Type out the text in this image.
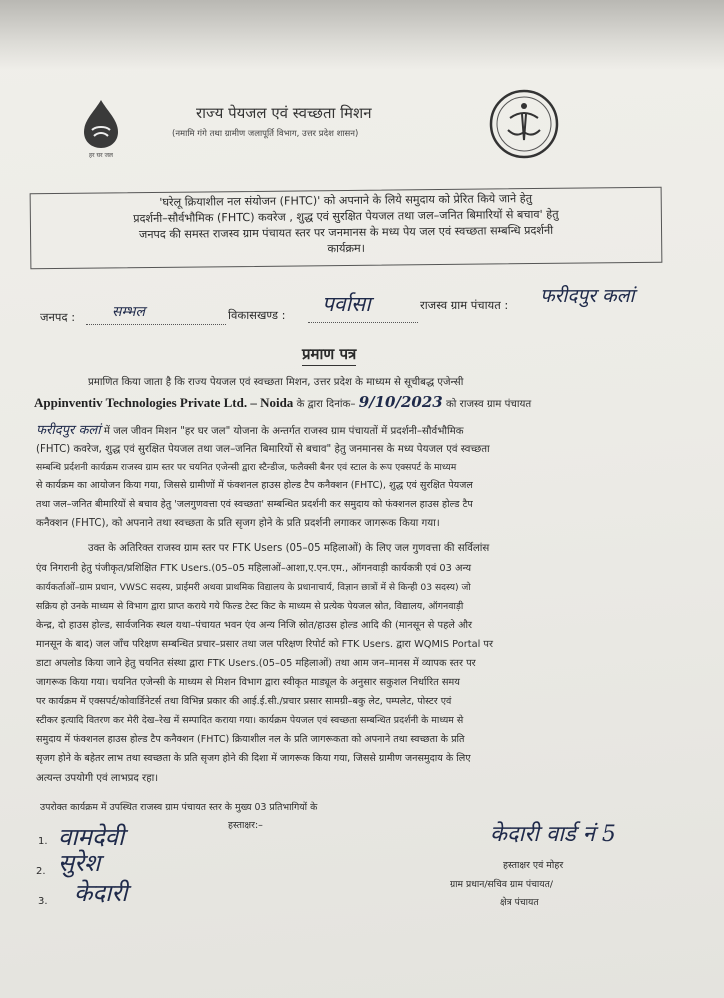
हर घर जल
राज्य पेयजल एवं स्वच्छता मिशन
(नमामि गंगे तथा ग्रामीण जलापूर्ति विभाग, उत्तर प्रदेश शासन)
'घरेलू क्रियाशील नल संयोजन (FHTC)' को अपनाने के लिये समुदाय को प्रेरित किये जाने हेतु
प्रदर्शनी–सौर्वभौमिक (FHTC) कवरेज , शुद्ध एवं सुरक्षित पेयजल तथा जल–जनित बिमारियों से बचाव' हेतु
जनपद की समस्त राजस्व ग्राम पंचायत स्तर पर जनमानस के मध्य पेय जल एवं स्वच्छता सम्बन्धि प्रदर्शनी
कार्यक्रम।
जनपद :	सम्भल	विकासखण्ड : पर्वासा	राजस्व ग्राम पंचायत : फरीदपुर कलां
प्रमाण पत्र
प्रमाणित किया जाता है कि राज्य पेयजल एवं स्वच्छता मिशन, उत्तर प्रदेश के माध्यम से सूचीबद्ध एजेन्सी
Appinventiv Technologies Private Ltd. – Noida के द्वारा दिनांक– 9/10/2023 को राजस्व ग्राम पंचायत
फरीदपुर कलां में जल जीवन मिशन "हर घर जल" योजना के अन्तर्गत राजस्व ग्राम पंचायतों में प्रदर्शनी–सौर्वभौमिक
(FHTC) कवरेज, शुद्ध एवं सुरक्षित पेयजल तथा जल–जनित बिमारियों से बचाव" हेतु जनमानस के मध्य पेयजल एवं स्वच्छता
सम्बन्धि प्रर्दशनी कार्यक्रम राजस्व ग्राम स्तर पर चयनित एजेन्सी द्वारा स्टैन्डीज, फलैक्सी बैनर एवं स्टाल के रूप एक्सपर्ट के माध्यम
से कार्यक्रम का आयोजन किया गया, जिससे ग्रामीणों में फंक्शनल हाउस होल्ड टैप कनैक्शन (FHTC), शुद्ध एवं सुरक्षित पेयजल
तथा जल–जनित बीमारियों से बचाव हेतु 'जलगुणवत्ता एवं स्वच्छता' सम्बन्धित प्रदर्शनी कर समुदाय को फंक्शनल हाउस होल्ड टैप
कनैक्शन (FHTC), को अपनाने तथा स्वच्छता के प्रति सृजग होने के प्रति प्रदर्शनी लगाकर जागरूक किया गया।
उक्त के अतिरिक्त राजस्व ग्राम स्तर पर FTK Users (05–05 महिलाओं) के लिए जल गुणवत्ता की सर्विलांस
एंव निगरानी हेतु पंजीकृत/प्रशिक्षित FTK Users.(05–05 महिलाओं–आशा,ए.एन.एम., ऑगनवाड़ी कार्यकत्री एवं 03 अन्य
कार्यकर्ताओं–ग्राम प्रधान, VWSC सदस्य, प्राईमरी अथवा प्राथमिक विद्यालय के प्रधानाचार्य, विज्ञान छात्रों में से किन्ही 03 सदस्य) जो
सक्रिय हो उनके माध्यम से विभाग द्वारा प्राप्त कराये गये फिल्ड टेस्ट किट के माध्यम से प्रत्येक पेयजल स्रोत, विद्यालय, ऑगनवाड़ी
केन्द्र, दो हाउस होल्ड, सार्वजनिक स्थल यथा–पंचायत भवन एंव अन्य निजि स्रोत/हाउस होल्ड आदि की (मानसून से पहले और
मानसून के बाद) जल जाँच परिक्षण सम्बन्धित प्रचार–प्रसार तथा जल परिक्षण रिपोर्ट को FTK Users. द्वारा WQMIS Portal पर
डाटा अपलोड किया जाने हेतु चयनित संस्था द्वारा FTK Users.(05–05 महिलाओं) तथा आम जन–मानस में व्यापक स्तर पर
जागरूक किया गया। चयनित एजेन्सी के माध्यम से मिशन विभाग द्वारा स्वीकृत माड्यूल के अनुसार सकुशल निर्धारित समय
पर कार्यक्रम में एक्सपर्ट/कोवार्डिनेटर्स तथा विभिन्न प्रकार की आई.ई.सी./प्रचार प्रसार सामग्री–बकु लेट, पम्पलेट, पोस्टर एवं
स्टीकर इत्यादि वितरण कर मेरी देख–रेख में सम्पादित कराया गया। कार्यक्रम पेयजल एवं स्वच्छता सम्बन्धित प्रदर्शनी के माध्यम से
समुदाय में फंक्शनल हाउस होल्ड टैप कनैक्शन (FHTC) क्रियाशील नल के प्रति जागरूकता को अपनाने तथा स्वच्छता के प्रति
सृजग होने के बहेतर लाभ तथा स्वच्छता के प्रति सृजग होने की दिशा में जागरूक किया गया, जिससे ग्रामीण जनसमुदाय के लिए
अत्यन्त उपयोगी एवं लाभप्रद रहा।
उपरोक्त कार्यक्रम में उपस्थित राजस्व ग्राम पंचायत स्तर के मुख्य 03 प्रतिभागियों के
हस्ताक्षर:–
1. वामदेवी
2. सुरेश
3. केदारी
केदारी वार्ड नं 5
हस्ताक्षर एवं मोहर
ग्राम प्रधान/सचिव ग्राम पंचायत/
क्षेत्र पंचायत
